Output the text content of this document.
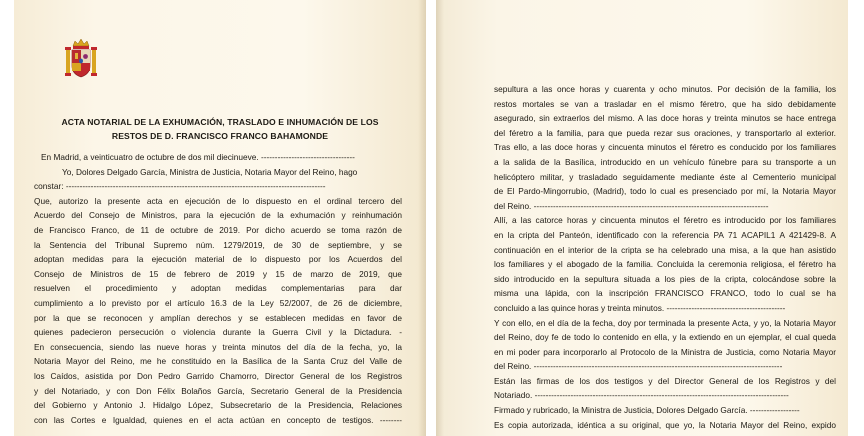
ACTA NOTARIAL DE LA EXHUMACIÓN, TRASLADO E INHUMACIÓN DE LOS
RESTOS DE D. FRANCISCO FRANCO BAHAMONDE
En Madrid, a veinticuatro de octubre de dos mil diecinueve. ----------------------------------
Yo, Dolores Delgado García, Ministra de Justicia, Notaria Mayor del Reino, hago
constar: ----------------------------------------------------------------------------------------------
Que, autorizo la presente acta en ejecución de lo dispuesto en el ordinal tercero del
Acuerdo del Consejo de Ministros, para la ejecución de la exhumación y reinhumación
de Francisco Franco, de 11 de octubre de 2019. Por dicho acuerdo se toma razón de
la Sentencia del Tribunal Supremo núm. 1279/2019, de 30 de septiembre, y se
adoptan medidas para la ejecución material de lo dispuesto por los Acuerdos del
Consejo de Ministros de 15 de febrero de 2019 y 15 de marzo de 2019, que
resuelven el procedimiento y adoptan medidas complementarias para dar
cumplimiento a lo previsto por el artículo 16.3 de la Ley 52/2007, de 26 de diciembre,
por la que se reconocen y amplían derechos y se establecen medidas en favor de
quienes padecieron persecución o violencia durante la Guerra Civil y la Dictadura. -
En consecuencia, siendo las nueve horas y treinta minutos del día de la fecha, yo, la
Notaria Mayor del Reino, me he constituido en la Basílica de la Santa Cruz del Valle de
los Caídos, asistida por Don Pedro Garrido Chamorro, Director General de los Registros
y del Notariado, y con Don Félix Bolaños García, Secretario General de la Presidencia
del Gobierno y Antonio J. Hidalgo López, Subsecretario de la Presidencia, Relaciones
con las Cortes e Igualdad, quienes en el acta actúan en concepto de testigos. --------
sepultura a las once horas y cuarenta y ocho minutos. Por decisión de la familia, los
restos mortales se van a trasladar en el mismo féretro, que ha sido debidamente
asegurado, sin extraerlos del mismo. A las doce horas y treinta minutos se hace entrega
del féretro a la familia, para que pueda rezar sus oraciones, y transportarlo al exterior.
Tras ello, a las doce horas y cincuenta minutos el féretro es conducido por los familiares
a la salida de la Basílica, introducido en un vehículo fúnebre para su transporte a un
helicóptero militar, y trasladado seguidamente mediante éste al Cementerio municipal
de El Pardo-Mingorrubio, (Madrid), todo lo cual es presenciado por mí, la Notaria Mayor
del Reino. -------------------------------------------------------------------------------------
Allí, a las catorce horas y cincuenta minutos el féretro es introducido por los familiares
en la cripta del Panteón, identificado con la referencia PA 71 ACAPIL1 A 421429-8. A
continuación en el interior de la cripta se ha celebrado una misa, a la que han asistido
los familiares y el abogado de la familia. Concluida la ceremonia religiosa, el féretro ha
sido introducido en la sepultura situada a los pies de la cripta, colocándose sobre la
misma una lápida, con la inscripción FRANCISCO FRANCO, todo lo cual se ha
concluido a las quince horas y treinta minutos. -------------------------------------------
Y con ello, en el día de la fecha, doy por terminada la presente Acta, y yo, la Notaria Mayor
del Reino, doy fe de todo lo contenido en ella, y la extiendo en un ejemplar, el cual queda
en mi poder para incorporarlo al Protocolo de la Ministra de Justicia, como Notaria Mayor
del Reino. ------------------------------------------------------------------------------------------
Están las firmas de los dos testigos y del Director General de los Registros y del
Notariado. --------------------------------------------------------------------------------------------
Firmado y rubricado, la Ministra de Justicia, Dolores Delgado García. ------------------
Es copia autorizada, idéntica a su original, que yo, la Notaria Mayor del Reino, expido
